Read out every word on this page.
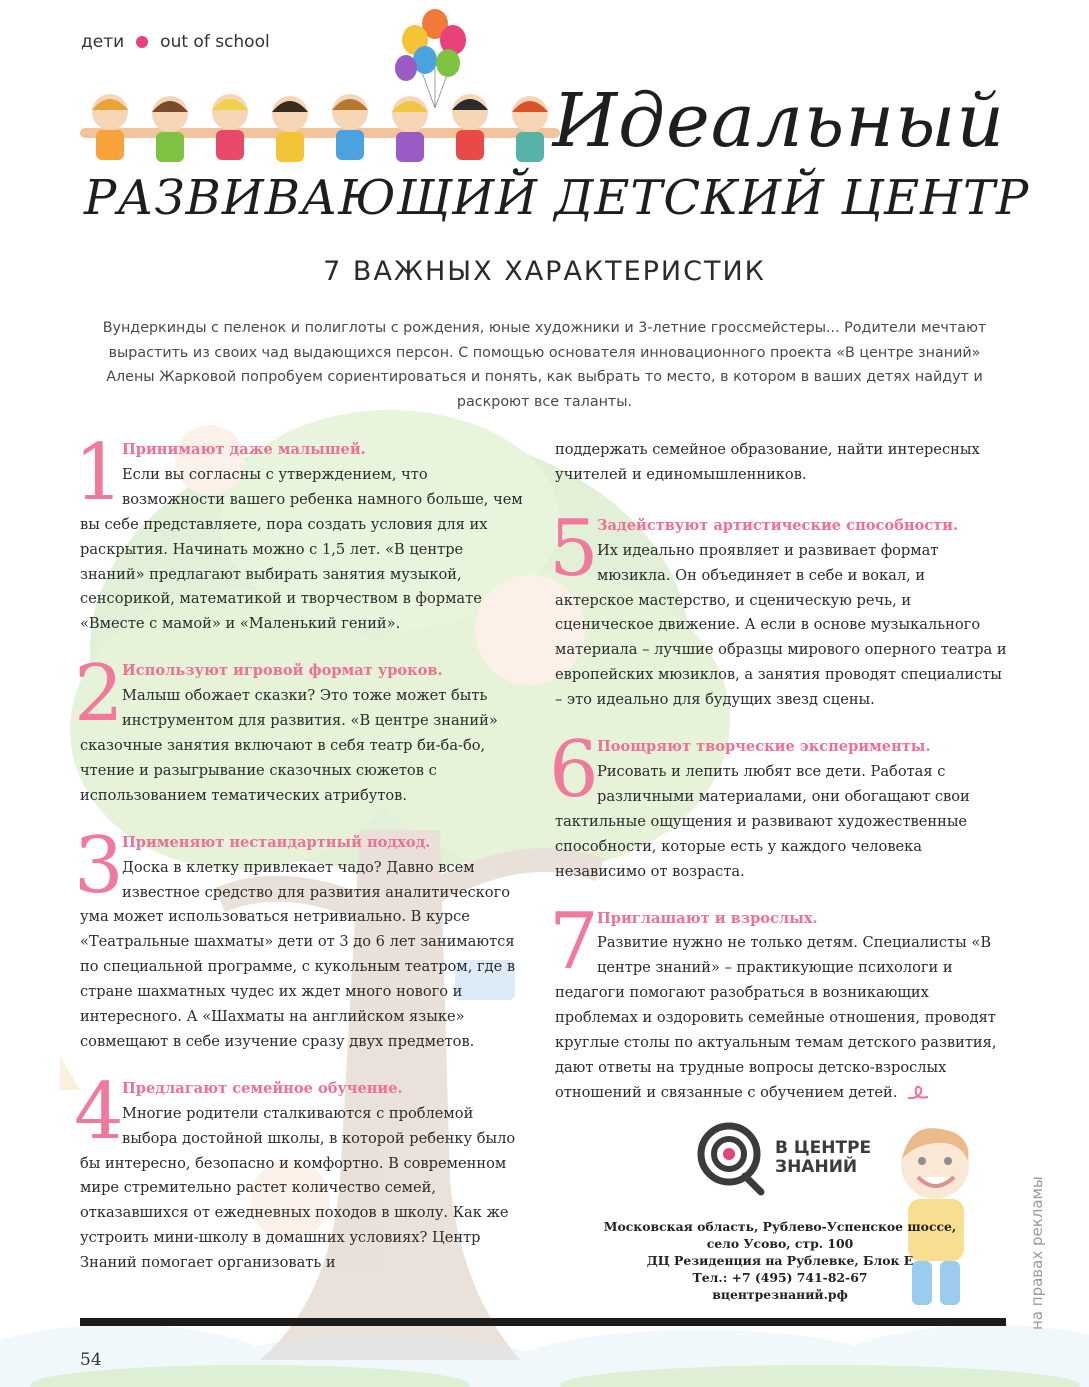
дети out of school
Идеальный
РАЗВИВАЮЩИЙ ДЕТСКИЙ ЦЕНТР
7 ВАЖНЫХ ХАРАКТЕРИСТИК

Вундеркинды с пеленок и полиглоты с рождения, юные художники и 3-летние гроссмейстеры... Родители мечтают вырастить из своих чад выдающихся персон. С помощью основателя инновационного проекта «В центре знаний» Алены Жарковой попробуем сориентироваться и понять, как выбрать то место, в котором в ваших детях найдут и раскроют все таланты.

1
Принимают даже малышей.
Если вы согласны с утверждением, что возможности вашего ребенка намного больше, чем вы себе представляете, пора создать условия для их раскрытия. Начинать можно с 1,5 лет. «В центре знаний» предлагают выбирать занятия музыкой, сенсорикой, математикой и творчеством в формате «Вместе с мамой» и «Маленький гений».
2
Используют игровой формат уроков.
Малыш обожает сказки? Это тоже может быть инструментом для развития. «В центре знаний» сказочные занятия включают в себя театр би-ба-бо, чтение и разыгрывание сказочных сюжетов с использованием тематических атрибутов.
3
Применяют нестандартный подход.
Доска в клетку привлекает чадо? Давно всем известное средство для развития аналитического ума может использоваться нетривиально. В курсе «Театральные шахматы» дети от 3 до 6 лет занимаются по специальной программе, с кукольным театром, где в стране шахматных чудес их ждет много нового и интересного. А «Шахматы на английском языке» совмещают в себе изучение сразу двух предметов.
4
Предлагают семейное обучение.
Многие родители сталкиваются с проблемой выбора достойной школы, в которой ребенку было бы интересно, безопасно и комфортно. В современном мире стремительно растет количество семей, отказавшихся от ежедневных походов в школу. Как же устроить мини-школу в домашних условиях? Центр Знаний помогает организовать и
поддержать семейное образование, найти интересных учителей и единомышленников.
5
Задействуют артистические способности.
Их идеально проявляет и развивает формат мюзикла. Он объединяет в себе и вокал, и актерское мастерство, и сценическую речь, и сценическое движение. А если в основе музыкального материала – лучшие образцы мирового оперного театра и европейских мюзиклов, а занятия проводят специалисты – это идеально для будущих звезд сцены.
6
Поощряют творческие эксперименты.
Рисовать и лепить любят все дети. Работая с различными материалами, они обогащают свои тактильные ощущения и развивают художественные способности, которые есть у каждого человека независимо от возраста.
7
Приглашают и взрослых.
Развитие нужно не только детям. Специалисты «В центре знаний» – практикующие психологи и педагоги помогают разобраться в возникающих проблемах и оздоровить семейные отношения, проводят круглые столы по актуальным темам детского развития, дают ответы на трудные вопросы детско-взрослых отношений и связанные с обучением детей.
В ЦЕНТРЕ
ЗНАНИЙ
Московская область, Рублево-Успенское шоссе,
село Усово, стр. 100
ДЦ Резиденция на Рублевке, Блок Е
Тел.: +7 (495) 741-82-67
вцентрезнаний.рф	на правах рекламы
54
